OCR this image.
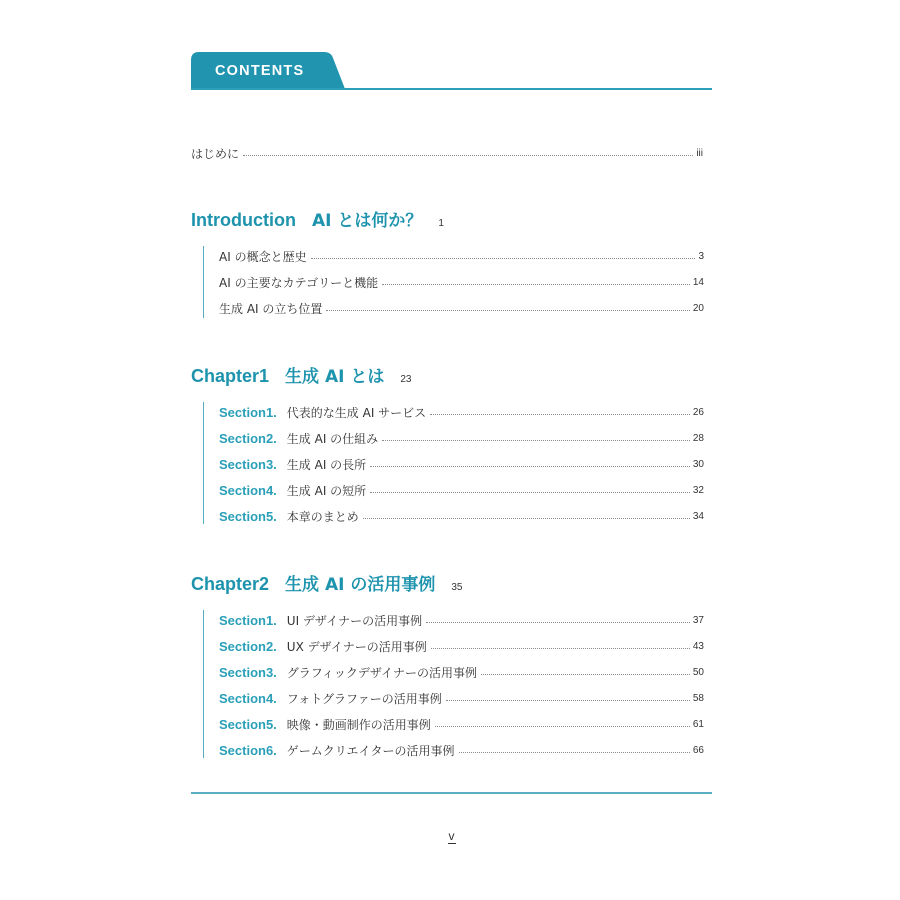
CONTENTS
はじめに	iii
Introduction AI とは何か？ 1
AI の概念と歴史	3
AI の主要なカテゴリーと機能	14
生成 AI の立ち位置	20
Chapter1 生成 AI とは 23
Section1. 代表的な生成 AI サービス	26
Section2. 生成 AI の仕組み	28
Section3. 生成 AI の長所	30
Section4. 生成 AI の短所	32
Section5. 本章のまとめ	34
Chapter2 生成 AI の活用事例 35
Section1. UI デザイナーの活用事例	37
Section2. UX デザイナーの活用事例	43
Section3. グラフィックデザイナーの活用事例	50
Section4. フォトグラファーの活用事例	58
Section5. 映像・動画制作の活用事例	61
Section6. ゲームクリエイターの活用事例	66
v
